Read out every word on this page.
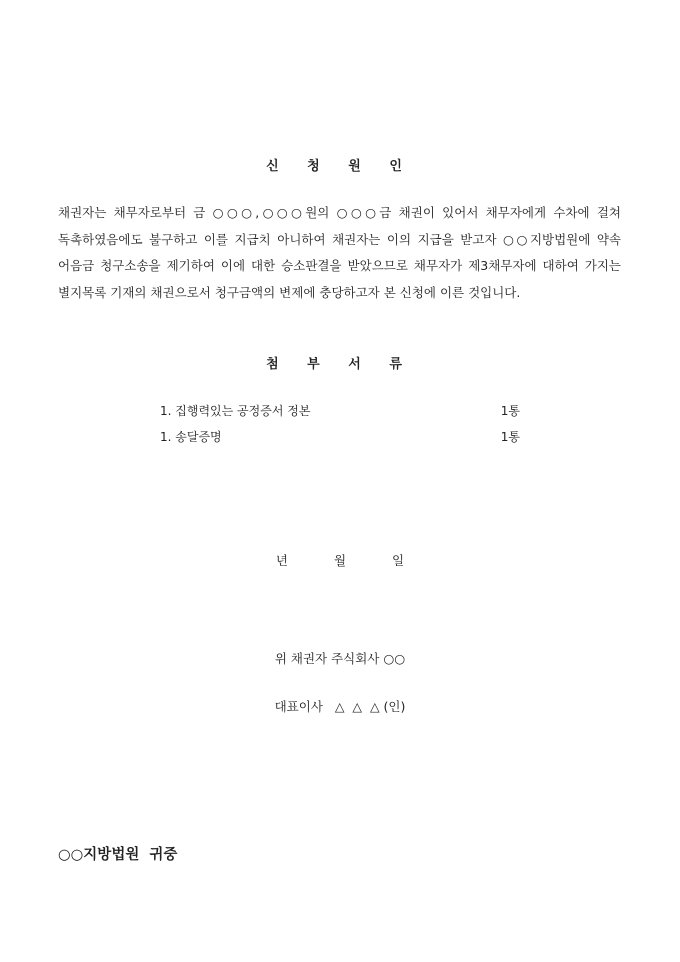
신 청 원 인
채권자는 채무자로부터 금 ○○○,○○○원의 ○○○금 채권이 있어서 채무자에게 수차에 걸쳐 독촉하였음에도 불구하고 이를 지급치 아니하여 채권자는 이의 지급을 받고자 ○○지방법원에 약속 어음금 청구소송을 제기하여 이에 대한 승소판결을 받았으므로 채무자가 제3채무자에 대하여 가지는 별지목록 기재의 채권으로서 청구금액의 변제에 충당하고자 본 신청에 이른 것입니다.
첨 부 서 류
1. 집행력있는 공정증서 정본	1통
1. 송달증명	1통
년	월	일
위 채권자 주식회사 ○○
대표이사   △  △  △ (인)
○○지방법원  귀중
